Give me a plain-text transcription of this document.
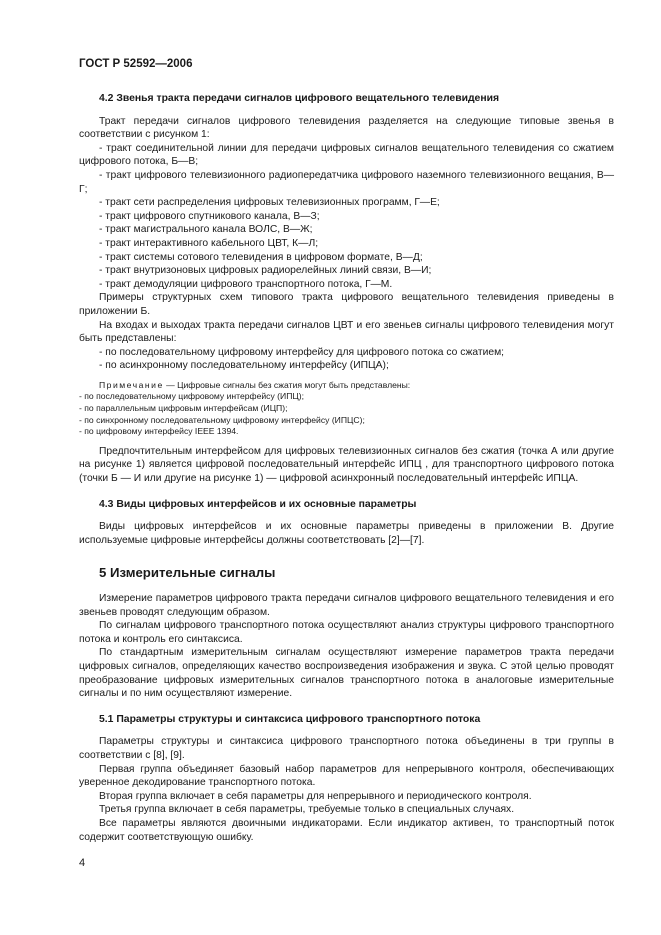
ГОСТ Р 52592—2006
4.2 Звенья тракта передачи сигналов цифрового вещательного телевидения

Тракт передачи сигналов цифрового телевидения разделяется на следующие типовые звенья в соответствии с рисунком 1:

- тракт соединительной линии для передачи цифровых сигналов вещательного телевидения со сжатием цифрового потока, Б—В;

- тракт цифрового телевизионного радиопередатчика цифрового наземного телевизионного вещания, В—Г;

- тракт сети распределения цифровых телевизионных программ, Г—Е;

- тракт цифрового спутникового канала, В—З;

- тракт магистрального канала ВОЛС, В—Ж;

- тракт интерактивного кабельного ЦВТ, К—Л;

- тракт системы сотового телевидения в цифровом формате, В—Д;

- тракт внутризоновых цифровых радиорелейных линий связи, В—И;

- тракт демодуляции цифрового транспортного потока, Г—М.

Примеры структурных схем типового тракта цифрового вещательного телевидения приведены в приложении Б.

На входах и выходах тракта передачи сигналов ЦВТ и его звеньев сигналы цифрового телевидения могут быть представлены:

- по последовательному цифровому интерфейсу для цифрового потока со сжатием;

- по асинхронному последовательному интерфейсу (ИПЦА);

Примечание — Цифровые сигналы без сжатия могут быть представлены:
- по последовательному цифровому интерфейсу (ИПЦ);
- по параллельным цифровым интерфейсам (ИЦП);
- по синхронному последовательному цифровому интерфейсу (ИПЦС);
- по цифровому интерфейсу IEEE 1394.

Предпочтительным интерфейсом для цифровых телевизионных сигналов без сжатия (точка А или другие на рисунке 1) является цифровой последовательный интерфейс ИПЦ , для транспортного цифрового потока (точки Б — И или другие на рисунке 1) — цифровой асинхронный последовательный интерфейс ИПЦА.

4.3 Виды цифровых интерфейсов и их основные параметры

Виды цифровых интерфейсов и их основные параметры приведены в приложении В. Другие используемые цифровые интерфейсы должны соответствовать [2]—[7].

5 Измерительные сигналы

Измерение параметров цифрового тракта передачи сигналов цифрового вещательного телевидения и его звеньев проводят следующим образом.

По сигналам цифрового транспортного потока осуществляют анализ структуры цифрового транспортного потока и контроль его синтаксиса.

По стандартным измерительным сигналам осуществляют измерение параметров тракта передачи цифровых сигналов, определяющих качество воспроизведения изображения и звука. С этой целью проводят преобразование цифровых измерительных сигналов транспортного потока в аналоговые измерительные сигналы и по ним осуществляют измерение.

5.1 Параметры структуры и синтаксиса цифрового транспортного потока

Параметры структуры и синтаксиса цифрового транспортного потока объединены в три группы в соответствии с [8], [9].

Первая группа объединяет базовый набор параметров для непрерывного контроля, обеспечивающих уверенное декодирование транспортного потока.

Вторая группа включает в себя параметры для непрерывного и периодического контроля.

Третья группа включает в себя параметры, требуемые только в специальных случаях.

Все параметры являются двоичными индикаторами. Если индикатор активен, то транспортный поток содержит соответствующую ошибку.

4
